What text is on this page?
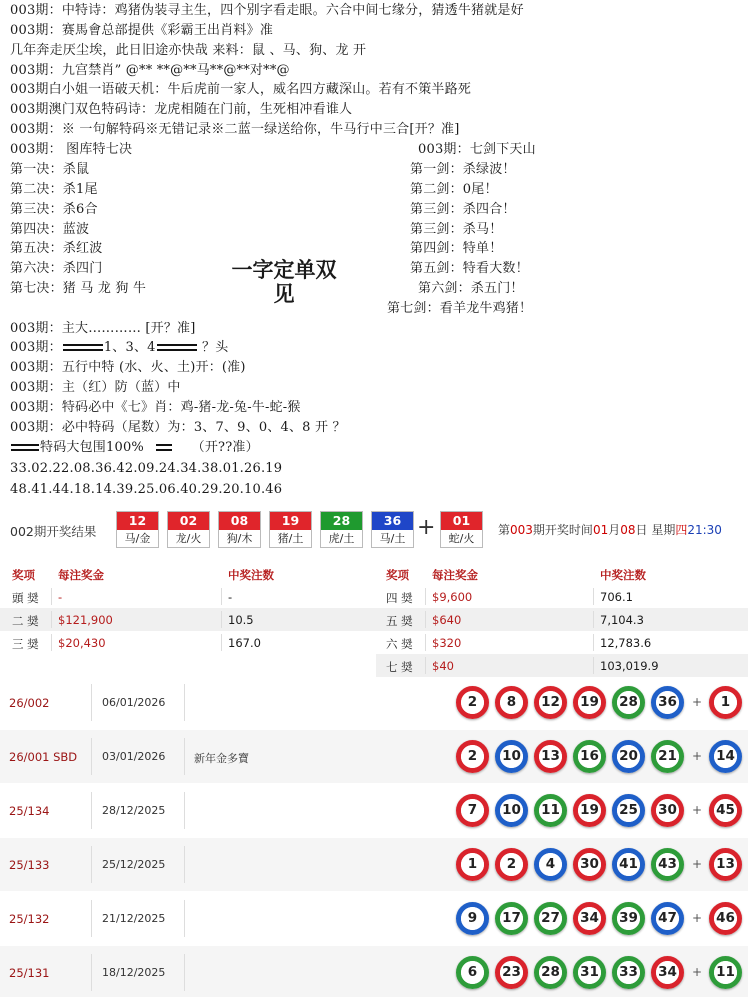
003期：中特诗：鸡猪伪装寻主生，四个别字看走眼。六合中间七缘分，猜透牛猪就是好
003期：赛馬會总部提供《彩霸王出肖料》准
几年奔走厌尘埃，此日旧途亦快哉 来料：鼠 、马、狗、龙 开
003期：九宫禁肖” @** **@**马**@**对**@
003期白小姐一语破天机：牛后虎前一家人，威名四方藏深山。若有不策半路死
003期澳门双色特码诗：龙虎相随在门前，生死相冲看谁人
003期：※ 一句解特码※无错记录※二蓝一绿送给你，牛马行中三合[开？准]
003期： 图库特七决
第一决：杀鼠
第二决：杀1尾
第三决：杀6合
第四决：蓝波
第五决：杀红波
第六决：杀四门
第七决：猪 马 龙 狗 牛
003期：七剑下天山
第一剑：杀绿波！
第二剑：0尾！
第三剑：杀四合！
第三剑：杀马！
第四剑：特单！
第五剑：特看大数！
第六剑：杀五门！
第七剑：看羊龙牛鸡猪！
一字定单双
见
003期：主大………… [开？准]
003期：	1、3、4	？头
003期：五行中特 (水、火、土)开：(准)
003期：主（红）防（蓝）中
003期：特码必中《七》肖：鸡-猪-龙-兔-牛-蛇-猴
003期：必中特码（尾数）为：3、7、9、0、4、8 开 ？
特码大包围100%	（开??准）
33.02.22.08.36.42.09.24.34.38.01.26.19
48.41.44.18.14.39.25.06.40.29.20.10.46
002期开奖结果
12
马/金
02
龙/火
08
狗/木
19
猪/土
28
虎/土
36
马/土
01
蛇/火
+	第003期开奖时间01月08日 星期四21:30
奖项 每注奖金	中奖注数	奖项 每注奖金	中奖注数
頭 奨 -	-	四 奨 $9,600	706.1
二 奨 $121,900	10.5	五 奨 $640	7,104.3
三 奨 $20,430	167.0	六 奨 $320	12,783.6
七 奨 $40	103,019.9
26/002	06/01/2026	2	8	12 19 28 36	1
+
26/001 SBD 03/01/2026	新年金多寶	2	10 13 16 20 21	14
+
25/134	28/12/2025	7	10 11 19 25 30	45
+
25/133	25/12/2025	1	2	4	30 41 43	13
+
25/132	21/12/2025	9	17 27 34 39 47	46
+
25/131	18/12/2025	6	23 28 31 33 34	11
+
